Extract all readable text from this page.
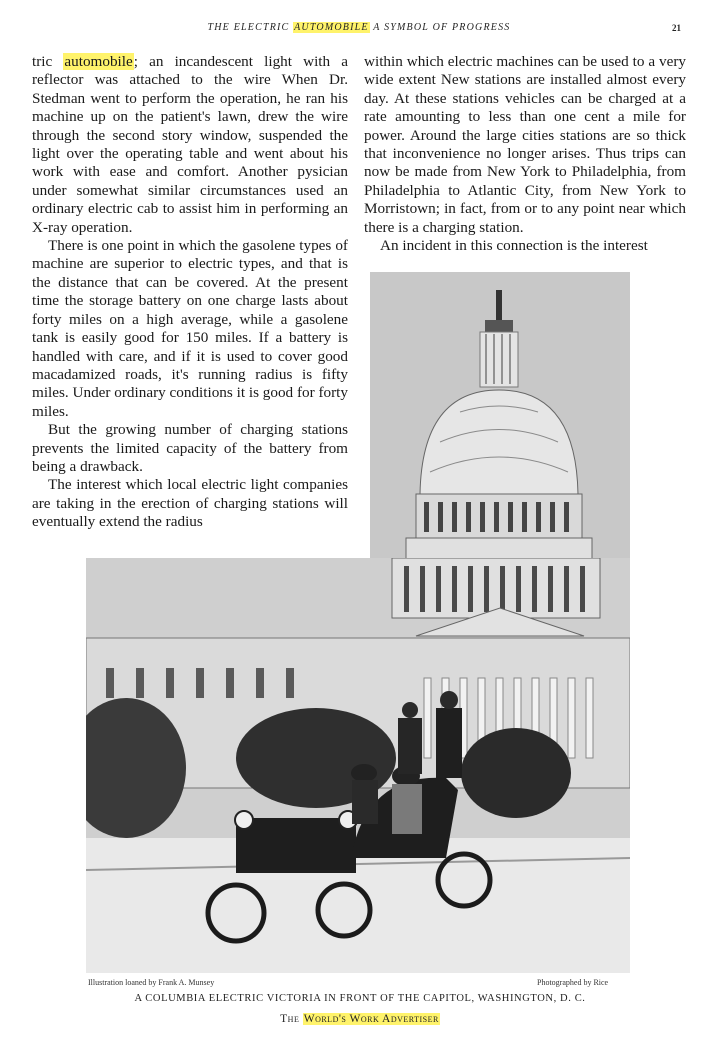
THE ELECTRIC AUTOMOBILE A SYMBOL OF PROGRESS	21

tric automobile; an incandescent light with a reflector was attached to the wire When Dr. Stedman went to perform the operation, he ran his machine up on the patient's lawn, drew the wire through the second story window, suspended the light over the operating table and went about his work with ease and comfort. Another pysician under somewhat similar circumstances used an ordinary electric cab to assist him in performing an X-ray operation.

There is one point in which the gasolene types of machine are superior to electric types, and that is the distance that can be covered. At the present time the storage battery on one charge lasts about forty miles on a high average, while a gasolene tank is easily good for 150 miles. If a battery is handled with care, and if it is used to cover good macadamized roads, it's running radius is fifty miles. Under ordinary conditions it is good for forty miles.

But the growing number of charging stations prevents the limited capacity of the battery from being a drawback.

The interest which local electric light companies are taking in the erection of charging stations will eventually extend the radius

within which electric machines can be used to a very wide extent New stations are installed almost every day. At these stations vehicles can be charged at a rate amounting to less than one cent a mile for power. Around the large cities stations are so thick that inconvenience no longer arises. Thus trips can now be made from New York to Philadelphia, from Philadelphia to Atlantic City, from New York to Morristown; in fact, from or to any point near which there is a charging station.

An incident in this connection is the interest

Illustration loaned by Frank A. Munsey	Photographed by Rice
A COLUMBIA ELECTRIC VICTORIA IN FRONT OF THE CAPITOL, WASHINGTON, D. C.
The World's Work Advertiser
